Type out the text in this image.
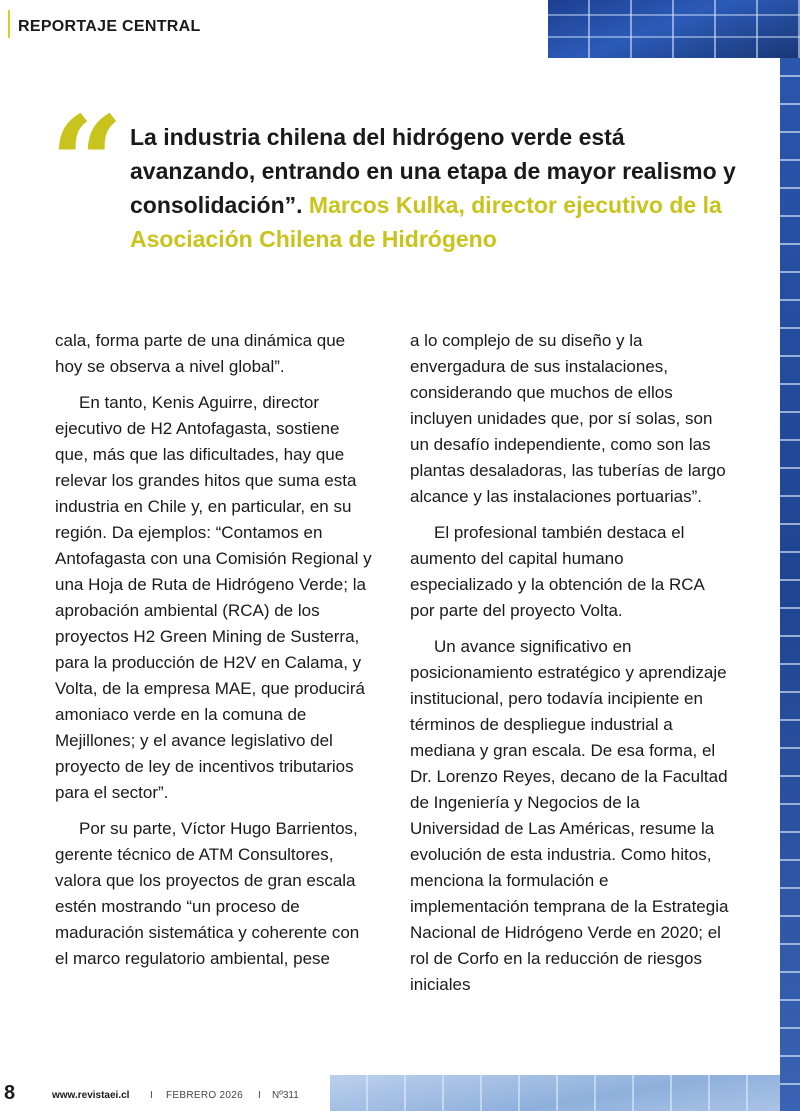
REPORTAJE CENTRAL
“ La industria chilena del hidrógeno verde está avanzando, entrando en una etapa de mayor realismo y consolidación”. Marcos Kulka, director ejecutivo de la Asociación Chilena de Hidrógeno

cala, forma parte de una dinámica que hoy se observa a nivel global”.

En tanto, Kenis Aguirre, director ejecutivo de H2 Antofagasta, sostiene que, más que las dificultades, hay que relevar los grandes hitos que suma esta industria en Chile y, en particular, en su región. Da ejemplos: “Contamos en Antofagasta con una Comisión Regional y una Hoja de Ruta de Hidrógeno Verde; la aprobación ambiental (RCA) de los proyectos H2 Green Mining de Susterra, para la producción de H2V en Calama, y Volta, de la empresa MAE, que producirá amoniaco verde en la comuna de Mejillones; y el avance legislativo del proyecto de ley de incentivos tributarios para el sector”.

Por su parte, Víctor Hugo Barrientos, gerente técnico de ATM Consultores, valora que los proyectos de gran escala estén mostrando “un proceso de maduración sistemática y coherente con el marco regulatorio ambiental, pese

a lo complejo de su diseño y la envergadura de sus instalaciones, considerando que muchos de ellos incluyen unidades que, por sí solas, son un desafío independiente, como son las plantas desaladoras, las tuberías de largo alcance y las instalaciones portuarias”.

El profesional también destaca el aumento del capital humano especializado y la obtención de la RCA por parte del proyecto Volta.

Un avance significativo en posicionamiento estratégico y aprendizaje institucional, pero todavía incipiente en términos de despliegue industrial a mediana y gran escala. De esa forma, el Dr. Lorenzo Reyes, decano de la Facultad de Ingeniería y Negocios de la Universidad de Las Américas, resume la evolución de esta industria. Como hitos, menciona la formulación e implementación temprana de la Estrategia Nacional de Hidrógeno Verde en 2020; el rol de Corfo en la reducción de riesgos iniciales

8	www.revistaei.cl I FEBRERO 2026 I Nº311
